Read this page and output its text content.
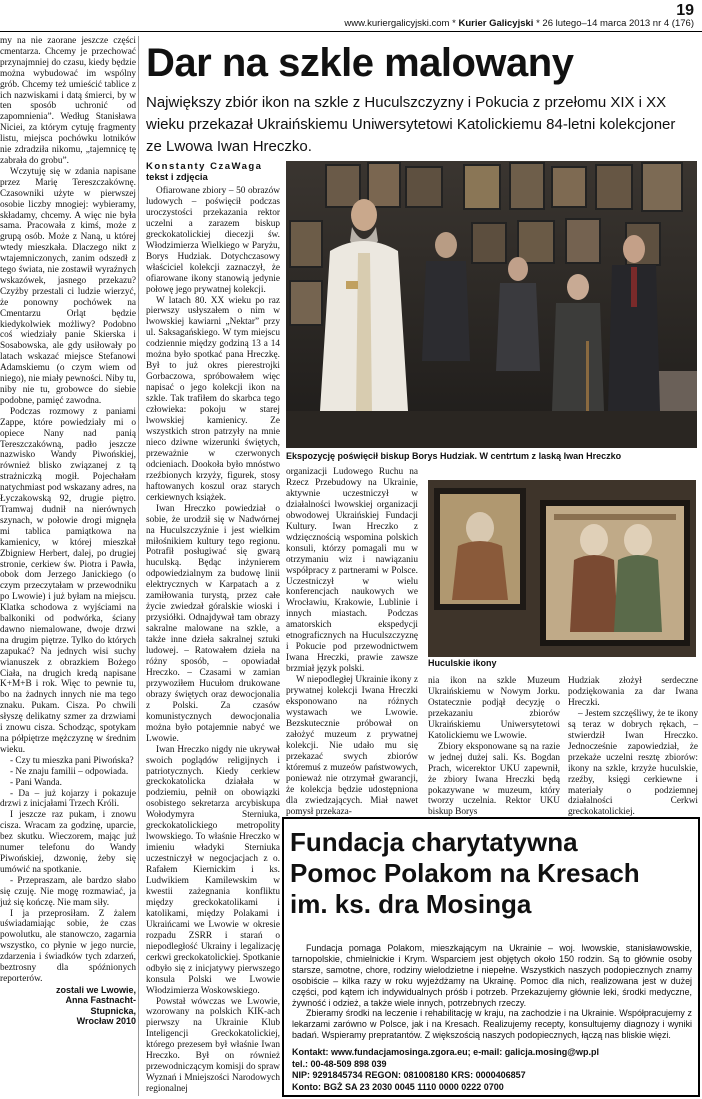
19
www.kuriergalicyjski.com * Kurier Galicyjski * 26 lutego–14 marca 2013 nr 4 (176)

my na nie zaorane jeszcze części cmentarza. Chcemy je przechować przynajmniej do czasu, kiedy będzie można wybudować im wspólny grób. Chcemy też umieścić tablice z ich nazwiskami i datą śmierci, by w ten sposób uchronić od zapomnienia”. Według Stanisława Niciei, za którym cytuję fragmenty listu, miejsca pochówku lotników nie zdradziła nikomu, „tajemnicę tę zabrała do grobu”.

Wczytuję się w zdania napisane przez Marię Tereszczakównę. Czasowniki użyte w pierwszej osobie liczby mnogiej: wybieramy, składamy, chcemy. A więc nie była sama. Pracowała z kimś, może z grupą osób. Może z Naną, u której wtedy mieszkała. Dlaczego nikt z wtajemniczonych, zanim odszedł z tego świata, nie zostawił wyraźnych wskazówek, jasnego przekazu? Czyżby przestali ci ludzie wierzyć, że ponowny pochówek na Cmentarzu Orląt będzie kiedykolwiek możliwy? Podobno coś wiedziały panie Skierska i Sosabowska, ale gdy usiłowały po latach wskazać miejsce Stefanowi Adamskiemu (o czym wiem od niego), nie miały pewności. Niby tu, niby nie tu, grobowce do siebie podobne, pamięć zawodna.

Podczas rozmowy z paniami Zappe, które powiedziały mi o opiece Nany nad panią Tereszczakówną, padło jeszcze nazwisko Wandy Piwońskiej, również blisko związanej z tą strażniczką mogił. Pojechałam natychmiast pod wskazany adres, na Łyczakowską 92, drugie piętro. Tramwaj dudnił na nierównych szynach, w połowie drogi mignęła mi tablica pamiątkowa na kamienicy, w której mieszkał Zbigniew Herbert, dalej, po drugiej stronie, cerkiew św. Piotra i Pawła, obok dom Jerzego Janickiego (o czym przeczytałam w przewodniku po Lwowie) i już byłam na miejscu. Klatka schodowa z wyjściami na balkoniki od podwórka, ściany dawno niemalowane, dwoje drzwi na drugim piętrze. Tylko do których zapukać? Na jednych wisi suchy wianuszek z obrazkiem Bożego Ciała, na drugich kredą napisane K+M+B i rok. Więc to pewnie tu, bo na żadnych innych nie ma tego znaku. Pukam. Cisza. Po chwili słyszę delikatny szmer za drzwiami i znowu cisza. Schodząc, spotykam na półpiętrze mężczyznę w średnim wieku.

- Czy tu mieszka pani Piwońska?

- Ne znaju familii – odpowiada.

- Pani Wanda.

- Da – już kojarzy i pokazuje drzwi z inicjałami Trzech Króli.

I jeszcze raz pukam, i znowu cisza. Wracam za godzinę, uparcie, bez skutku. Wieczorem, mając już numer telefonu do Wandy Piwońskiej, dzwonię, żeby się umówić na spotkanie.

- Przepraszam, ale bardzo słabo się czuję. Nie mogę rozmawiać, ja już się kończę. Nie mam siły.

I ja przeprosiłam. Z żalem uświadamiając sobie, że czas powolutku, ale stanowczo, zagarnia wszystko, co płynie w jego nurcie, zdarzenia i świadków tych zdarzeń, beztrosny dla spóźnionych reporterów.

zostali we Lwowie,
Anna Fastnacht-
Stupnicka,
Wrocław 2010
Dar na szkle malowany
Największy zbiór ikon na szkle z Huculszczyzny i Pokucia z przełomu XIX i XX wieku przekazał Ukraińskiemu Uniwersytetowi Katolickiemu 84-letni kolekcjoner ze Lwowa Iwan Hreczko.
Konstanty CzaWaga
tekst i zdjęcia

Ofiarowane zbiory – 50 obrazów ludowych – poświęcił podczas uroczystości przekazania rektor uczelni a zarazem biskup greckokatolickiej diecezji św. Włodzimierza Wielkiego w Paryżu, Borys Hudziak. Dotychczasowy właściciel kolekcji zaznaczył, że ofiarowane ikony stanowią jedynie połowę jego prywatnej kolekcji.

W latach 80. XX wieku po raz pierwszy usłyszałem o nim w lwowskiej kawiarni „Nektar” przy ul. Saksagańskiego. W tym miejscu codziennie między godziną 13 a 14 można było spotkać pana Hreczkę. Był to już okres pierestrojki Gorbaczowa, spróbowałem więc napisać o jego kolekcji ikon na szkle. Tak trafiłem do skarbca tego człowieka: pokoju w starej lwowskiej kamienicy. Ze wszystkich stron patrzyły na mnie nieco dziwne wizerunki świętych, przeważnie w czerwonych odcieniach. Dookoła było mnóstwo rzeźbionych krzyży, figurek, stosy haftowanych koszul oraz starych cerkiewnych książek.

Iwan Hreczko powiedział o sobie, że urodził się w Nadwórnej na Huculszczyźnie i jest wielkim miłośnikiem kultury tego regionu. Potrafił posługiwać się gwarą huculską. Będąc inżynierem odpowiedzialnym za budowę linii elektrycznych w Karpatach a z zamiłowania turystą, przez całe życie zwiedzał góralskie wioski i przysiółki. Odnajdywał tam obrazy sakralne malowane na szkle, a także inne dzieła sakralnej sztuki ludowej. – Ratowałem dzieła na różny sposób, – opowiadał Hreczko. – Czasami w zamian przywoziłem Hucułom drukowane obrazy świętych oraz dewocjonalia z Polski. Za czasów komunistycznych dewocjonalia można było potajemnie nabyć we Lwowie.

Iwan Hreczko nigdy nie ukrywał swoich poglądów religijnych i patriotycznych. Kiedy cerkiew greckokatolicka działała w podziemiu, pełnił on obowiązki osobistego sekretarza arcybiskupa Wołodymyra Sterniuka, greckokatolickiego metropolity lwowskiego. To właśnie Hreczko w imieniu władyki Sterniuka uczestniczył w negocjacjach z o. Rafałem Kiernickim i ks. Ludwikiem Kamilewskim w kwestii zażegnania konfliktu między greckokatolikami i katolikami, między Polakami i Ukraińcami we Lwowie w okresie rozpadu ZSRR i starań o niepodległość Ukrainy i legalizację cerkwi greckokatolickiej. Spotkanie odbyło się z inicjatywy pierwszego konsula Polski we Lwowie Włodzimierza Woskowskiego.

Powstał wówczas we Lwowie, wzorowany na polskich KIK-ach pierwszy na Ukrainie Klub Inteligencji Greckokatolickiej, którego prezesem był właśnie Iwan Hreczko. Był on również przewodniczącym komisji do spraw Wyznań i Mniejszości Narodowych regionalnej

Ekspozycję poświęcił biskup Borys Hudziak. W centrtum z laską Iwan Hreczko

organizacji Ludowego Ruchu na Rzecz Przebudowy na Ukrainie, aktywnie uczestniczył w działalności lwowskiej organizacji obwodowej Ukraińskiej Fundacji Kultury. Iwan Hreczko z wdzięcznością wspomina polskich konsuli, którzy pomagali mu w otrzymaniu wiz i nawiązaniu współpracy z partnerami w Polsce. Uczestniczył w wielu konferencjach naukowych we Wrocławiu, Krakowie, Lublinie i innych miastach. Podczas amatorskich ekspedycji etnograficznych na Huculszczyznę i Pokucie pod przewodnictwem Iwana Hreczki, prawie zawsze brzmiał język polski.

W niepodległej Ukrainie ikony z prywatnej kolekcji Iwana Hreczki eksponowano na różnych wystawach we Lwowie. Bezskutecznie próbował on założyć muzeum z prywatnej kolekcji. Nie udało mu się przekazać swych zbiorów któremuś z muzeów państwowych, ponieważ nie otrzymał gwarancji, że kolekcja będzie udostępniona dla zwiedzających. Miał nawet pomysł przekaza-

Huculskie ikony

nia ikon na szkle Muzeum Ukraińskiemu w Nowym Jorku. Ostatecznie podjął decyzję o przekazaniu zbiorów Ukraińskiemu Uniwersytetowi Katolickiemu we Lwowie.

Zbiory eksponowane są na razie w jednej dużej sali. Ks. Bogdan Prach, wicerektor UKU zapewnił, że zbiory Iwana Hreczki będą pokazywane w muzeum, który tworzy uczelnia. Rektor UKU biskup Borys

Hudziak złożył serdeczne podziękowania za dar Iwana Hreczki.

– Jestem szczęśliwy, że te ikony są teraz w dobrych rękach, – stwierdził Iwan Hreczko. Jednocześnie zapowiedział, że przekaże uczelni resztę zbiorów: ikony na szkle, krzyże huculskie, rzeźby, księgi cerkiewne i materiały o podziemnej działalności Cerkwi greckokatolickiej.

Fundacja charytatywna
Pomoc Polakom na Kresach
im. ks. dra Mosinga

Fundacja pomaga Polakom, mieszkającym na Ukrainie – woj. lwowskie, stanisławowskie, tarnopolskie, chmielnickie i Krym. Wsparciem jest objętych około 150 rodzin. Są to głównie osoby starsze, samotne, chore, rodziny wielodzietne i niepełne. Wszystkich naszych podopiecznych znamy osobiście – kilka razy w roku wyjeżdżamy na Ukrainę. Pomoc dla nich, realizowana jest w dużej części, pod kątem ich indywidualnych próśb i potrzeb. Przekazujemy głównie leki, środki medyczne, żywność i odzież, a także wiele innych, potrzebnych rzeczy.

Zbieramy środki na leczenie i rehabilitację w kraju, na zachodzie i na Ukrainie. Współpracujemy z lekarzami zarówno w Polsce, jak i na Kresach. Realizujemy recepty, konsultujemy diagnozy i wyniki badań. Wspieramy prepratantów. Z większością naszych podopiecznych, łączą nas bliskie więzi.

Kontakt: www.fundacjamosinga.zgora.eu; e-mail: galicja.mosing@wp.pl
tel.: 00-48-509 898 039
NIP: 9291845734 REGON: 081008180 KRS: 0000406857
Konto: BGŻ SA 23 2030 0045 1110 0000 0222 0700
